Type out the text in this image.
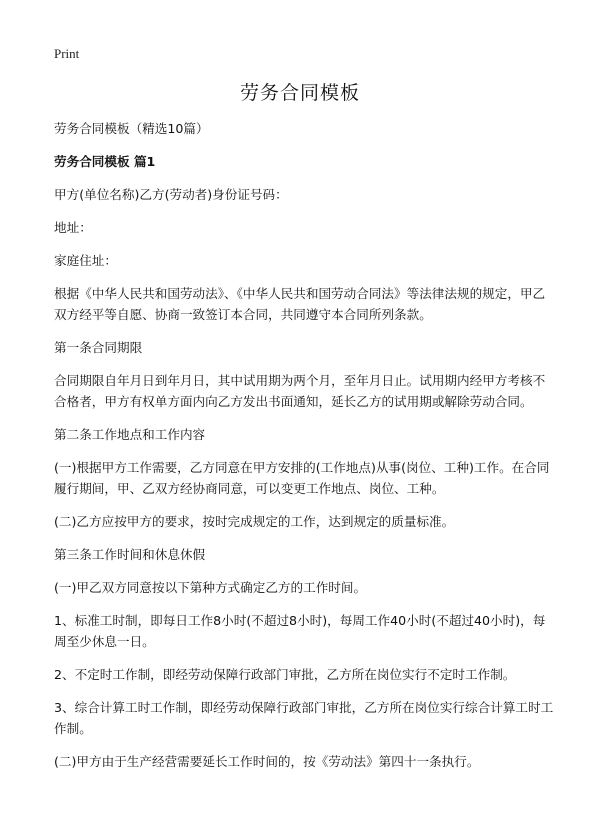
Print
劳务合同模板

劳务合同模板（精选10篇）

劳务合同模板 篇1

甲方(单位名称)乙方(劳动者)身份证号码：

地址：

家庭住址：

根据《中华人民共和国劳动法》、《中华人民共和国劳动合同法》等法律法规的规定，甲乙双方经平等自愿、协商一致签订本合同，共同遵守本合同所列条款。

第一条合同期限

合同期限自年月日到年月日，其中试用期为两个月，至年月日止。试用期内经甲方考核不合格者，甲方有权单方面内向乙方发出书面通知，延长乙方的试用期或解除劳动合同。

第二条工作地点和工作内容

(一)根据甲方工作需要，乙方同意在甲方安排的(工作地点)从事(岗位、工种)工作。在合同履行期间，甲、乙双方经协商同意，可以变更工作地点、岗位、工种。

(二)乙方应按甲方的要求，按时完成规定的工作，达到规定的质量标准。

第三条工作时间和休息休假

(一)甲乙双方同意按以下第种方式确定乙方的工作时间。

1、标准工时制，即每日工作8小时(不超过8小时)，每周工作40小时(不超过40小时)，每周至少休息一日。

2、不定时工作制，即经劳动保障行政部门审批，乙方所在岗位实行不定时工作制。

3、综合计算工时工作制，即经劳动保障行政部门审批，乙方所在岗位实行综合计算工时工作制。

(二)甲方由于生产经营需要延长工作时间的，按《劳动法》第四十一条执行。
